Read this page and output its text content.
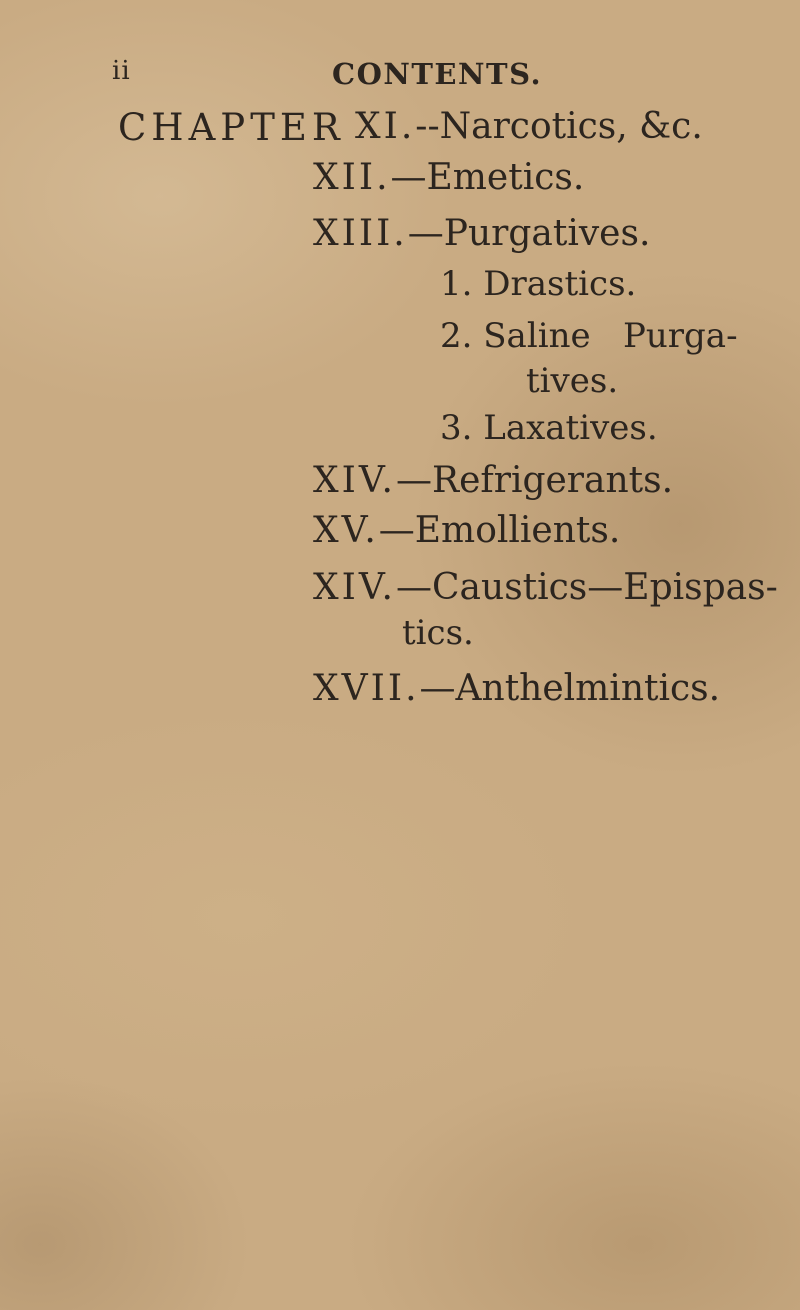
ii	CONTENTS.
CHAPTER XI.--Narcotics, &c.
XII.—Emetics.
XIII.—Purgatives.
1. Drastics.
2. Saline   Purga-
tives.
3. Laxatives.
XIV.—Refrigerants.
XV.—Emollients.
XIV.—Caustics—Epispas-
tics.
XVII.—Anthelmintics.
